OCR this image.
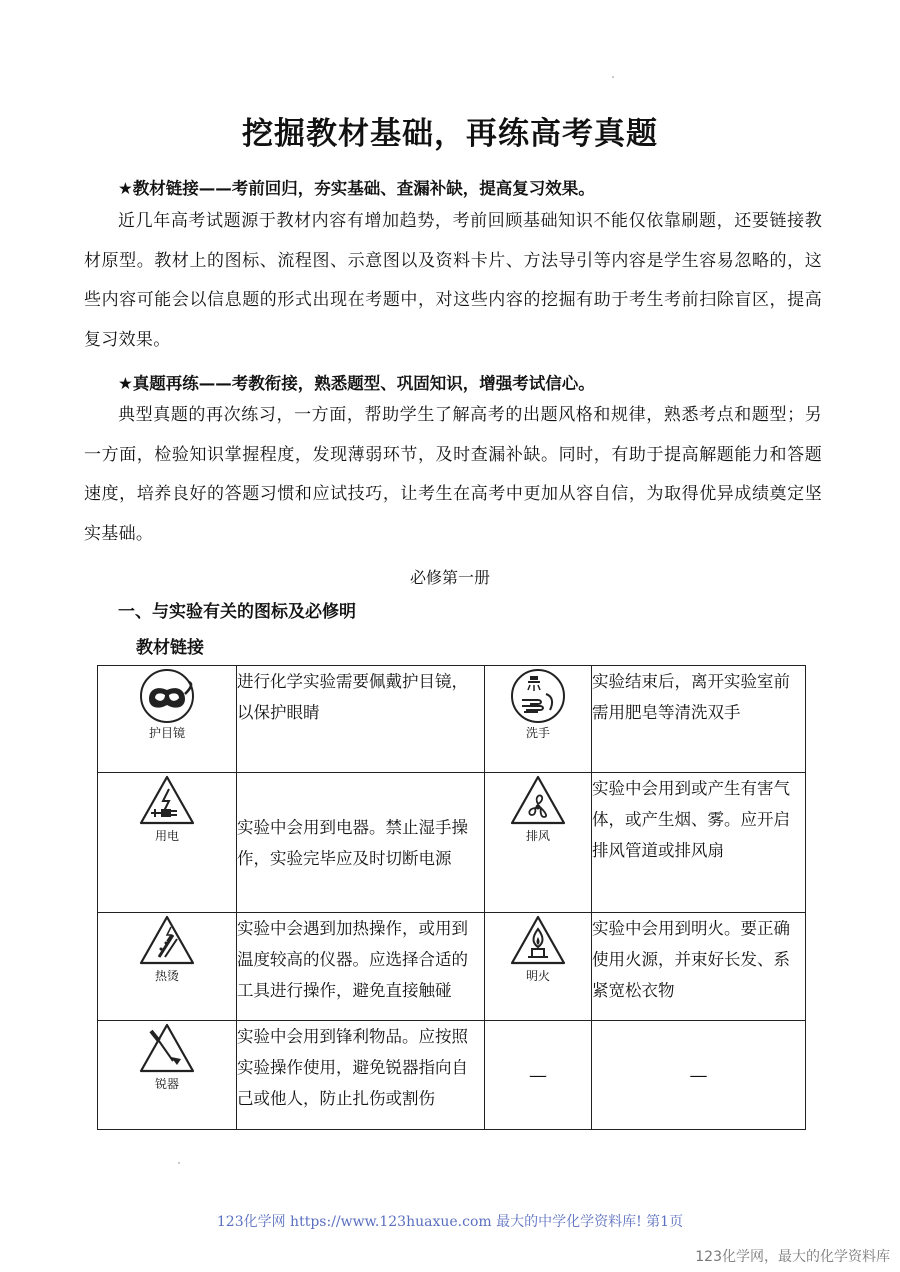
挖掘教材基础，再练高考真题
★教材链接——考前回归，夯实基础、查漏补缺，提高复习效果。
近几年高考试题源于教材内容有增加趋势，考前回顾基础知识不能仅依靠刷题，还要链接教材原型。教材上的图标、流程图、示意图以及资料卡片、方法导引等内容是学生容易忽略的，这些内容可能会以信息题的形式出现在考题中，对这些内容的挖掘有助于考生考前扫除盲区，提高复习效果。
★真题再练——考教衔接，熟悉题型、巩固知识，增强考试信心。
典型真题的再次练习，一方面，帮助学生了解高考的出题风格和规律，熟悉考点和题型；另一方面，检验知识掌握程度，发现薄弱环节，及时查漏补缺。同时，有助于提高解题能力和答题速度，培养良好的答题习惯和应试技巧，让考生在高考中更加从容自信，为取得优异成绩奠定坚实基础。
必修第一册
一、与实验有关的图标及必修明
教材链接
护目镜	进行化学实验需要佩戴护目镜，以保护眼睛	洗手	实验结束后，离开实验室前需用肥皂等清洗双手

用电	实验中会用到电器。禁止湿手操作，实验完毕应及时切断电源	排风	实验中会用到或产生有害气体，或产生烟、雾。应开启排风管道或排风扇

热烫	实验中会遇到加热操作，或用到温度较高的仪器。应选择合适的工具进行操作，避免直接触碰	明火	实验中会用到明火。要正确使用火源，并束好长发、系紧宽松衣物

锐器	实验中会用到锋利物品。应按照实验操作使用，避免锐器指向自己或他人，防止扎伤或割伤	—	—
123化学网 https://www.123huaxue.com 最大的中学化学资料库! 第1页
123化学网，最大的化学资料库
